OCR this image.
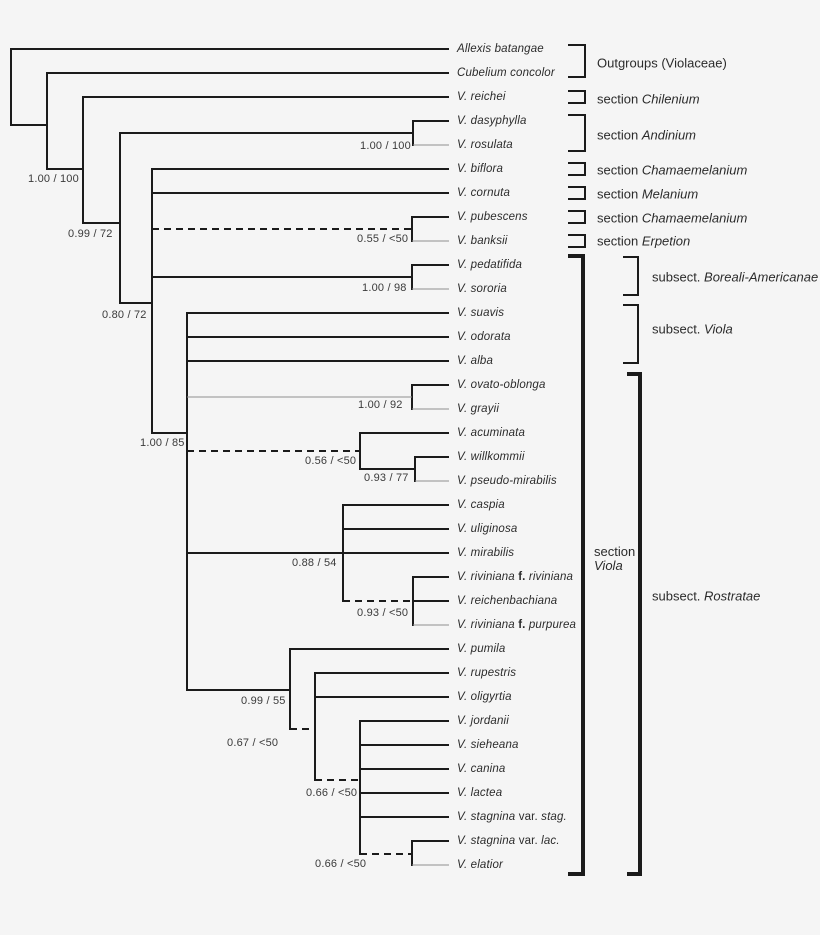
Allexis batangae
Cubelium concolor
V. reichei
V. dasyphylla
V. rosulata
V. biflora
V. cornuta
V. pubescens
V. banksii
V. pedatifida
V. sororia
V. suavis
V. odorata
V. alba
V. ovato-oblonga
V. grayii
V. acuminata
V. willkommii
V. pseudo-mirabilis
V. caspia
V. uliginosa
V. mirabilis
V. riviniana f. riviniana
V. reichenbachiana
V. riviniana f. purpurea
V. pumila
V. rupestris
V. oligyrtia
V. jordanii
V. sieheana
V. canina
V. lactea
V. stagnina var. stag.
V. stagnina var. lac.
V. elatior
1.00 / 100
0.99 / 72
1.00 / 100
0.80 / 72
0.55 / <50
1.00 / 98
1.00 / 85
1.00 / 92
0.56 / <50
0.93 / 77
0.88 / 54
0.93 / <50
0.99 / 55
0.67 / <50
0.66 / <50
0.66 / <50
Outgroups (Violaceae)
section Chilenium
section Andinium
section Chamaemelanium
section Melanium
section Chamaemelanium
section Erpetion
subsect. Boreali-Americanae
subsect. Viola
section
Viola
subsect. Rostratae
